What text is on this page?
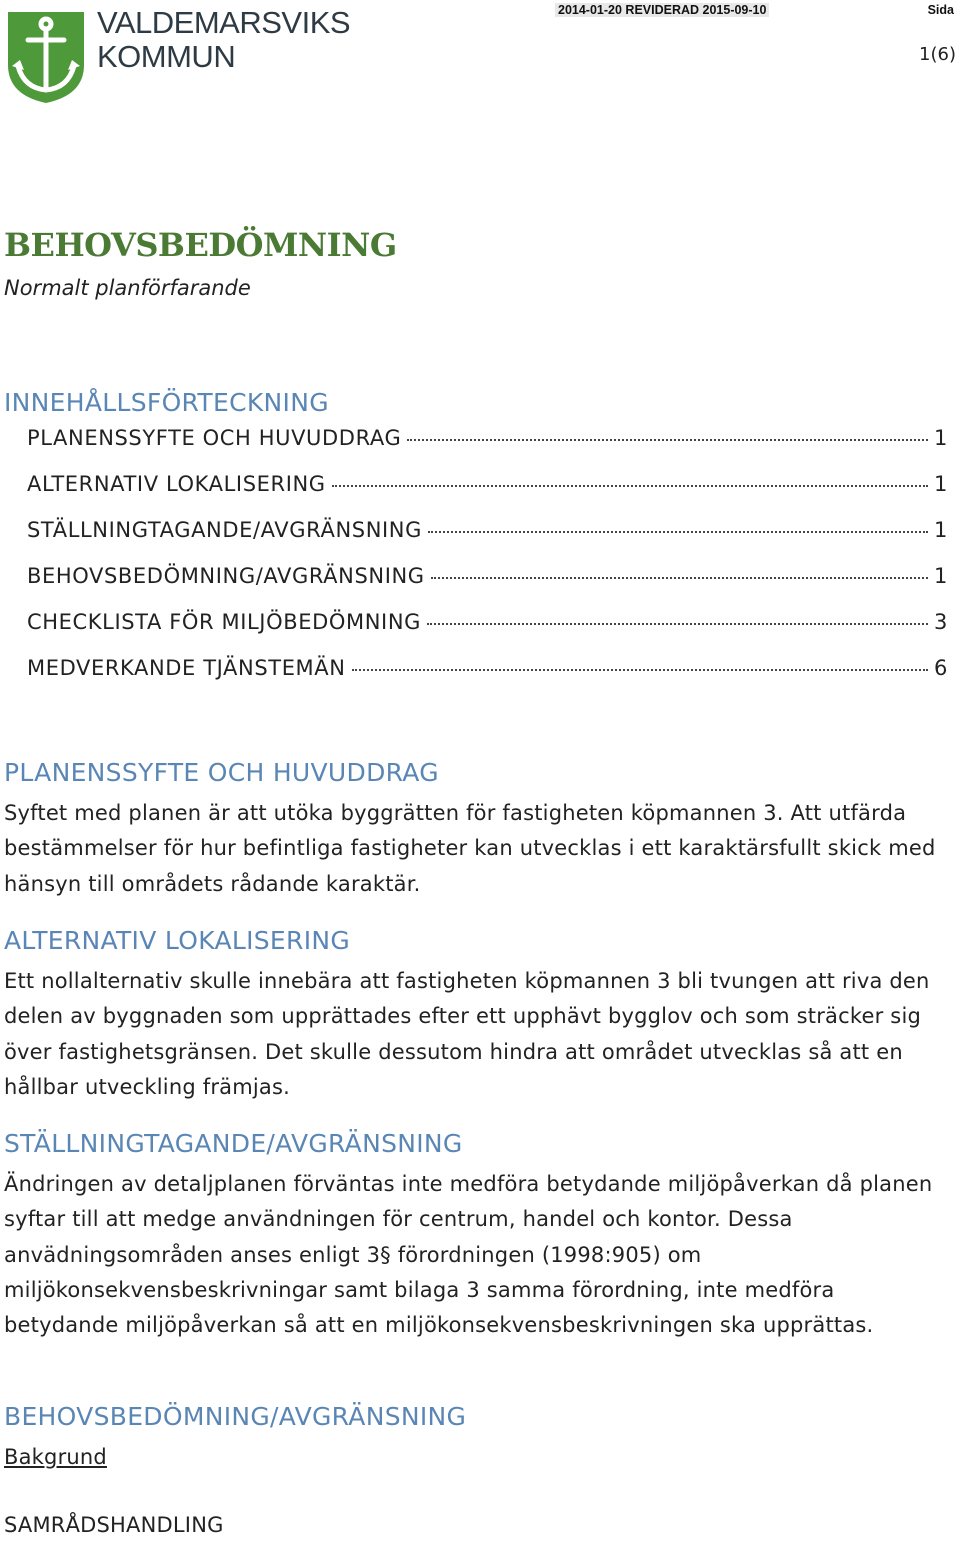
VALDEMARSVIKS
KOMMUN
2014-01-20 REVIDERAD 2015-09-10	Sida
1(6)
BEHOVSBEDÖMNING
Normalt planförfarande
INNEHÅLLSFÖRTECKNING
PLANENSSYFTE OCH HUVUDDRAG	1
ALTERNATIV LOKALISERING	1
STÄLLNINGTAGANDE/AVGRÄNSNING	1
BEHOVSBEDÖMNING/AVGRÄNSNING	1
CHECKLISTA FÖR MILJÖBEDÖMNING	3
MEDVERKANDE TJÄNSTEMÄN	6
PLANENSSYFTE OCH HUVUDDRAG
Syftet med planen är att utöka byggrätten för fastigheten köpmannen 3. Att utfärda bestämmelser för hur befintliga fastigheter kan utvecklas i ett karaktärsfullt skick med hänsyn till områdets rådande karaktär.
ALTERNATIV LOKALISERING
Ett nollalternativ skulle innebära att fastigheten köpmannen 3 bli tvungen att riva den delen av byggnaden som upprättades efter ett upphävt bygglov och som sträcker sig över fastighetsgränsen. Det skulle dessutom hindra att området utvecklas så att en hållbar utveckling främjas.
STÄLLNINGTAGANDE/AVGRÄNSNING
Ändringen av detaljplanen förväntas inte medföra betydande miljöpåverkan då planen syftar till att medge användningen för centrum, handel och kontor. Dessa anvädningsområden anses enligt 3§ förordningen (1998:905) om miljökonsekvensbeskrivningar samt bilaga 3 samma förordning, inte medföra betydande miljöpåverkan så att en miljökonsekvensbeskrivningen ska upprättas.
BEHOVSBEDÖMNING/AVGRÄNSNING
Bakgrund
SAMRÅDSHANDLING
